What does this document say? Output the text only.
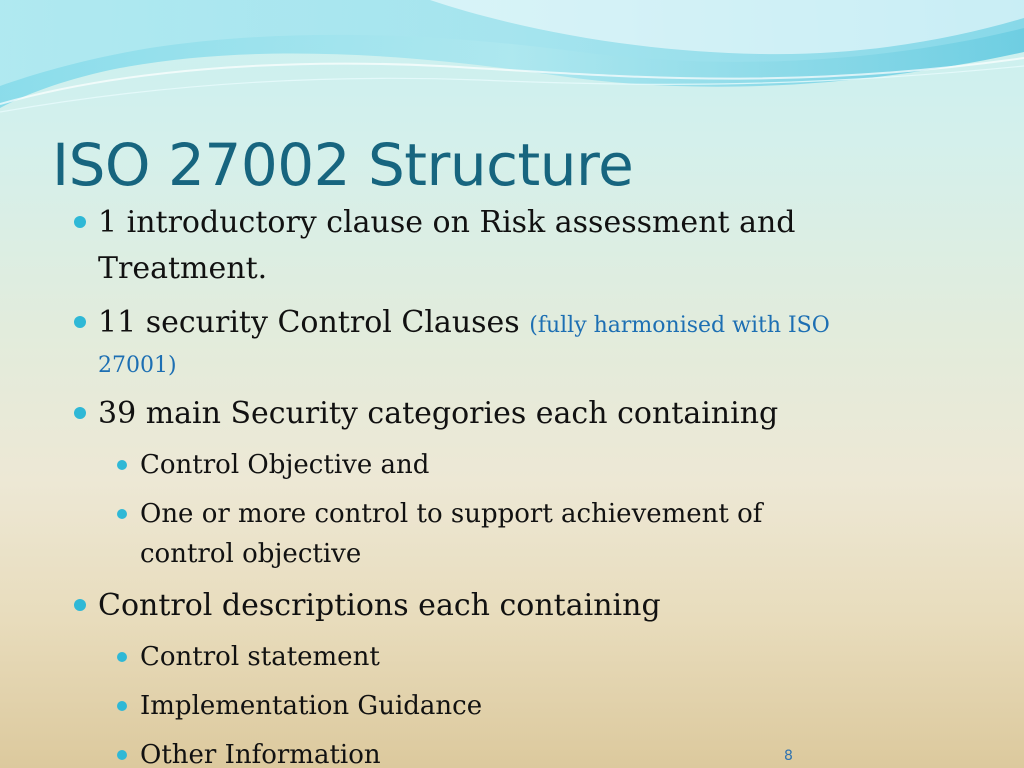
ISO 27002 Structure
1 introductory clause on Risk assessment and
Treatment.
11 security Control Clauses (fully harmonised with ISO
27001)
39 main Security categories each containing
Control Objective and
One or more control to support achievement of
control objective
Control descriptions each containing
Control statement
Implementation Guidance
Other Information	8
